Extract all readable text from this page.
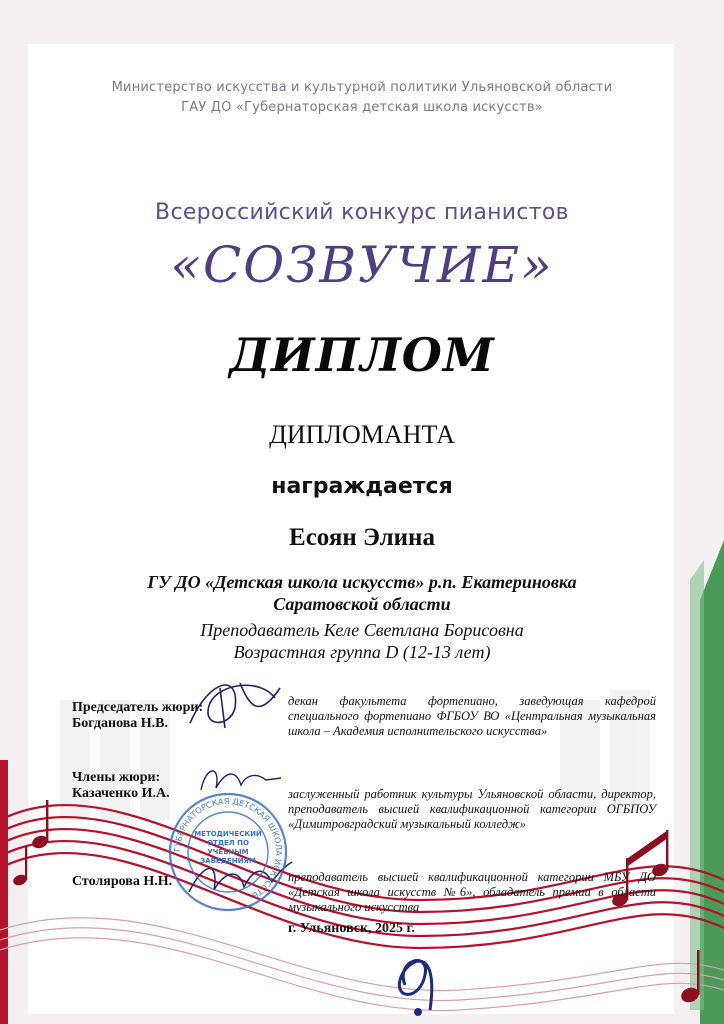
Министерство искусства и культурной политики Ульяновской области
ГАУ ДО «Губернаторская детская школа искусств»
Всероссийский конкурс пианистов
«СОЗВУЧИЕ»
ДИПЛОМ
ДИПЛОМАНТА
награждается
Есоян Элина
ГУ ДО «Детская школа искусств» р.п. Екатериновка
Саратовской области
Преподаватель Келе Светлана Борисовна
Возрастная группа D (12-13 лет)
Председатель жюри:
Богданова Н.В.
декан факультета фортепиано, заведующая кафедрой специального фортепиано ФГБОУ ВО «Центральная музыкальная школа – Академия исполнительского искусства»
Члены жюри:
Казаченко И.А.	заслуженный работник культуры Ульяновской области, директор, преподаватель высшей квалификационной категории ОГБПОУ «Димитровградский музыкальный колледж»
Столярова Н.Н.	преподаватель высшей квалификационной категории МБУ ДО «Детская школа искусств №6», обладатель премии в области музыкального искусства
г. Ульяновск, 2025 г.
ГУБЕРНАТОРСКАЯ ДЕТСКАЯ ШКОЛА ИСКУССТВ
МЕТОДИЧЕСКИЙ ОТДЕЛ ПО УЧЕБНЫМ ЗАВЕДЕНИЯМ
